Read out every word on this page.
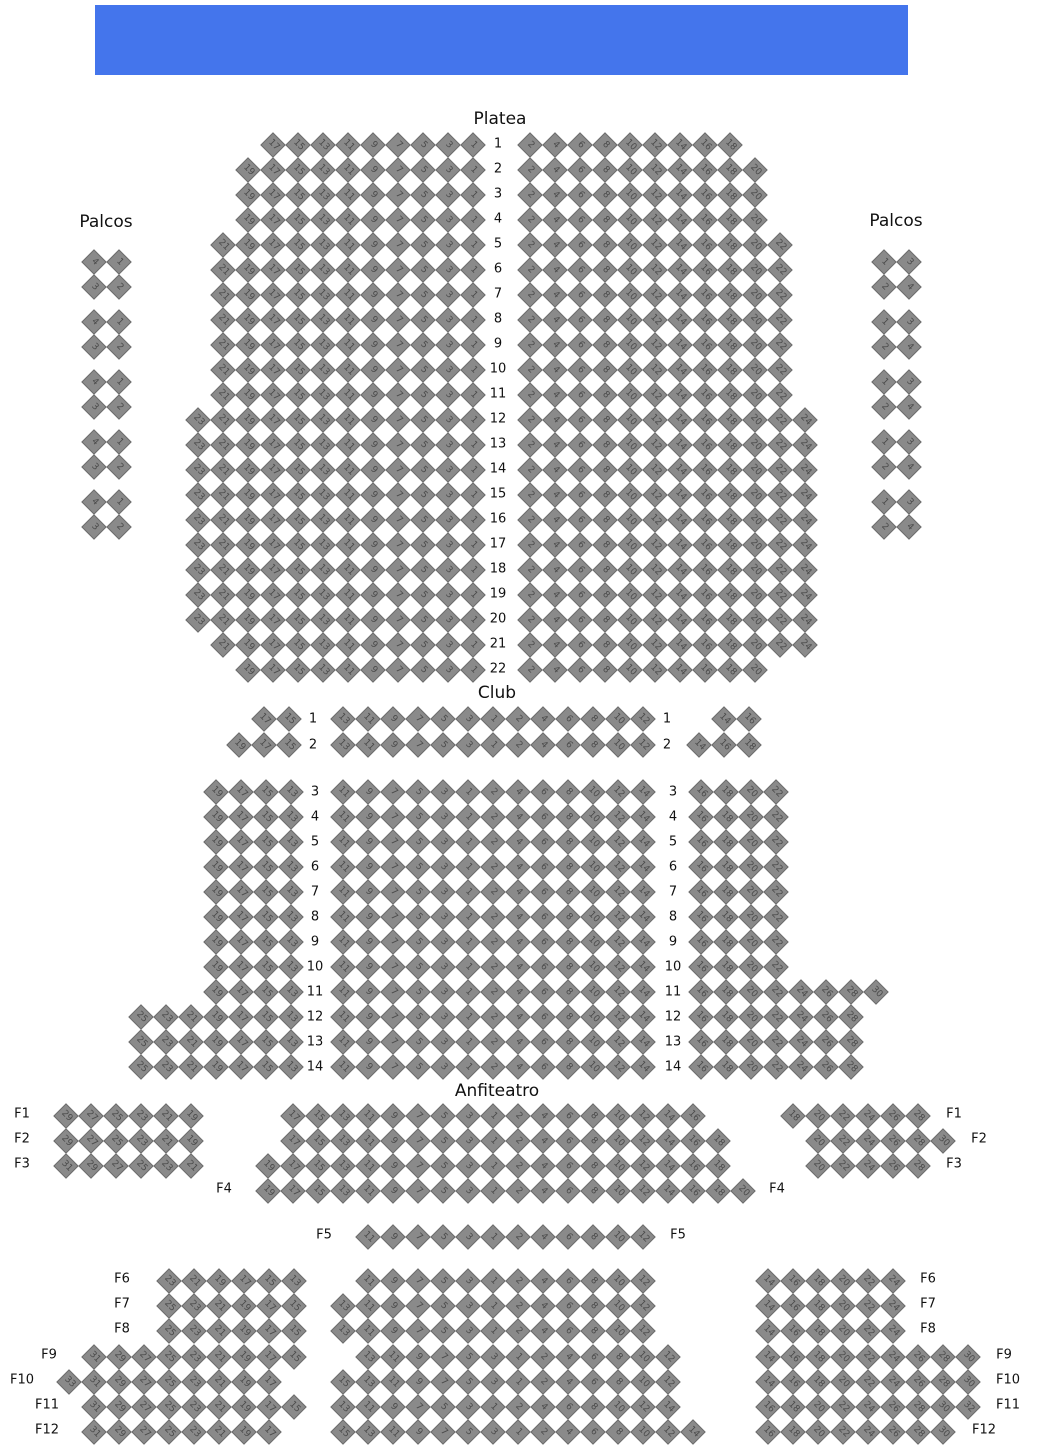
Platea
Palcos	Palcos
Club
Anfiteatro
17	15	13	11	9	7	5	3	1	2	4	6	8	10	12	14	16	18
1
19	17	15	13	11	9	7	5	3	1	2	4	6	8	10	12	14	16	18	20
2
19	17	15	13	11	9	7	5	3	1	2	4	6	8	10	12	14	16	18	20
3
19	17	15	13	11	9	7	5	3	1	2	4	6	8	10	12	14	16	18	20
4
21	19	17	15	13	11	9	7	5	3	1	2	4	6	8	10	12	14	16	18	20	22
5
21	19	17	15	13	11	9	7	5	3	1	2	4	6	8	10	12	14	16	18	20	22
6
21	19	17	15	13	11	9	7	5	3	1	2	4	6	8	10	12	14	16	18	20	22
7
21	19	17	15	13	11	9	7	5	3	1	2	4	6	8	10	12	14	16	18	20	22
8
21	19	17	15	13	11	9	7	5	3	1	2	4	6	8	10	12	14	16	18	20	22
9
21	19	17	15	13	11	9	7	5	3	1	2	4	6	8	10	12	14	16	18	20	22
10
21	19	17	15	13	11	9	7	5	3	1	2	4	6	8	10	12	14	16	18	20	22
11
23	21	19	17	15	13	11	9	7	5	3	1	2	4	6	8	10	12	14	16	18	20	22	24
12
23	21	19	17	15	13	11	9	7	5	3	1	2	4	6	8	10	12	14	16	18	20	22	24
13
23	21	19	17	15	13	11	9	7	5	3	1	2	4	6	8	10	12	14	16	18	20	22	24
14
23	21	19	17	15	13	11	9	7	5	3	1	2	4	6	8	10	12	14	16	18	20	22	24
15
23	21	19	17	15	13	11	9	7	5	3	1	2	4	6	8	10	12	14	16	18	20	22	24
16
23	21	19	17	15	13	11	9	7	5	3	1	2	4	6	8	10	12	14	16	18	20	22	24
17
23	21	19	17	15	13	11	9	7	5	3	1	2	4	6	8	10	12	14	16	18	20	22	24
18
23	21	19	17	15	13	11	9	7	5	3	1	2	4	6	8	10	12	14	16	18	20	22	24
19
23	21	19	17	15	13	11	9	7	5	3	1	2	4	6	8	10	12	14	16	18	20	22	24
20
21	19	17	15	13	11	9	7	5	3	1	2	4	6	8	10	12	14	16	18	20	22	24
21
19	17	15	13	11	9	7	5	3	1	2	4	6	8	10	12	14	16	18	20
22
4	1
3	2
4	1
3	2
4	1
3	2
4	1
3	2
4	1
3	2
1	3
2	4
1	3
2	4
1	3
2	4
1	3
2	4
1	3
2	4
17	15	13	11	9	7	5	3	1	2	4	6	8	10	12	14	16
1	1
19	17	15	13	11	9	7	5	3	1	2	4	6	8	10	12	14	16	18
2	2
19	17	15	13	11	9	7	5	3	1	2	4	6	8	10	12	14	16	18	20	22
3	3
19	17	15	13	11	9	7	5	3	1	2	4	6	8	10	12	14	16	18	20	22
4	4
19	17	15	13	11	9	7	5	3	1	2	4	6	8	10	12	14	16	18	20	22
5	5
19	17	15	13	11	9	7	5	3	1	2	4	6	8	10	12	14	16	18	20	22
6	6
19	17	15	13	11	9	7	5	3	1	2	4	6	8	10	12	14	16	18	20	22
7	7
19	17	15	13	11	9	7	5	3	1	2	4	6	8	10	12	14	16	18	20	22
8	8
19	17	15	13	11	9	7	5	3	1	2	4	6	8	10	12	14	16	18	20	22
9	9
19	17	15	13	11	9	7	5	3	1	2	4	6	8	10	12	14	16	18	20	22
10	10
19	17	15	13	11	9	7	5	3	1	2	4	6	8	10	12	14	16	18	20	22	24	26	28	30
11	11
25	23	21	19	17	15	13	11	9	7	5	3	1	2	4	6	8	10	12	14	16	18	20	22	24	26	28
12	12
25	23	21	19	17	15	13	11	9	7	5	3	1	2	4	6	8	10	12	14	16	18	20	22	24	26	28
13	13
25	23	21	19	17	15	13	11	9	7	5	3	1	2	4	6	8	10	12	14	16	18	20	22	24	26	28
14	14
29	27	25	23	21	19	17	15	13	11	9	7	5	3	1	2	4	6	8	10	12	14	16	18	20	22	24	26	28
F1	F1
29	27	25	23	21	19	17	15	13	11	9	7	5	3	1	2	4	6	8	10	12	14	16	18	20	22	24	26	28	30
F2	F2
31	29	27	25	23	21	19	17	15	13	11	9	7	5	3	1	2	4	6	8	10	12	14	16	18	20	22	24	26	28
F3	F3
19	17	15	13	11	9	7	5	3	1	2	4	6	8	10	12	14	16	18	20
F4	F4
11	9	7	5	3	1	2	4	6	8	10	12
F5	F5
23	21	19	17	15	13	11	9	7	5	3	1	2	4	6	8	10	12	14	16	18	20	22	24
F6	F6
25	23	21	19	17	15	13	11	9	7	5	3	1	2	4	6	8	10	12	14	16	18	20	22	24
F7	F7
25	23	21	19	17	15	13	11	9	7	5	3	1	2	4	6	8	10	12	14	16	18	20	22	24
F8	F8
31	29	27	25	23	21	19	17	15	13	11	9	7	5	3	1	2	4	6	8	10	12	14	16	18	20	22	24	26	28	30
F9	F9
33	31	29	27	25	23	21	19	17	15	13	11	9	7	5	3	1	2	4	6	8	10	12	14	16	18	20	22	24	26	28	30
F10	F10
31	29	27	25	23	21	19	17	15	13	11	9	7	5	3	1	2	4	6	8	10	12	14	16	18	20	22	24	26	28	30	32
F11	F11
31	29	27	25	23	21	19	17	15	13	11	9	7	5	3	1	2	4	6	8	10	12	14	16	18	20	22	24	26	28	30
F12	F12
